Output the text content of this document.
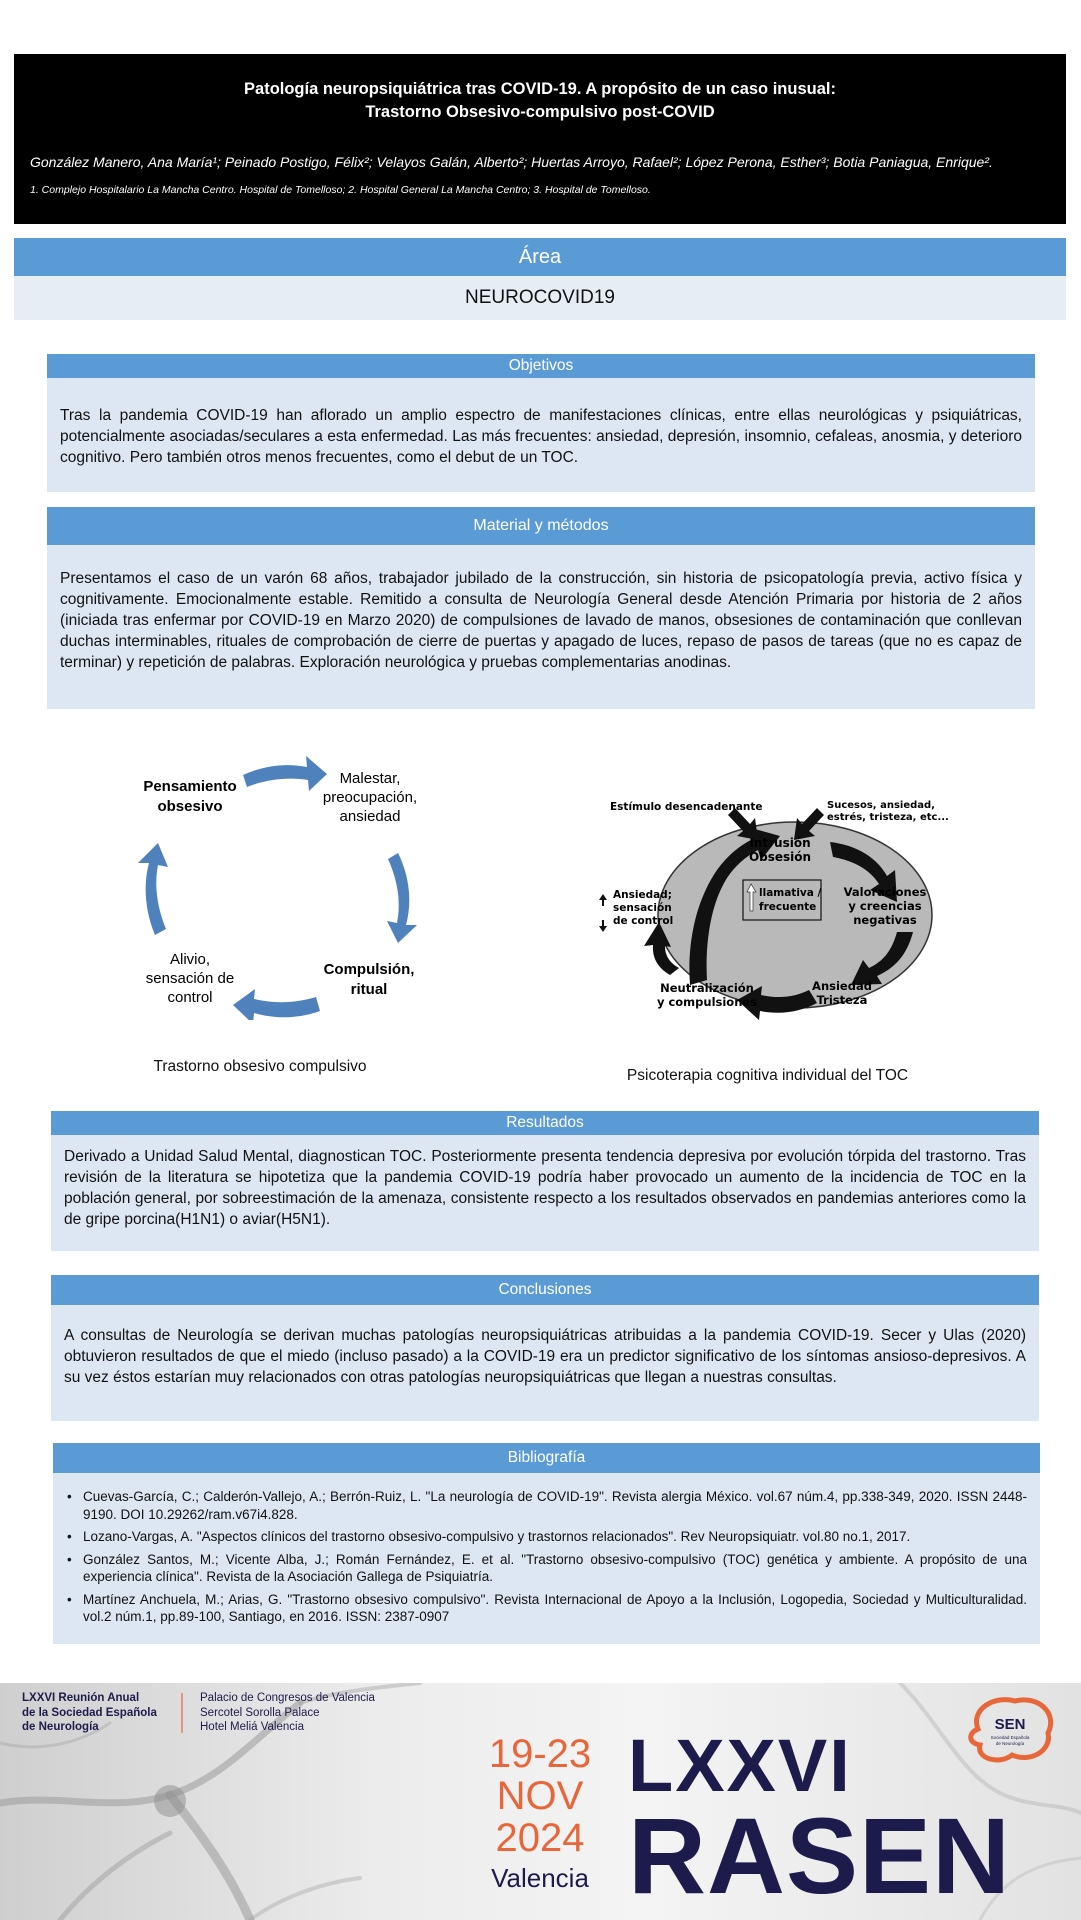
Patología neuropsiquiátrica tras COVID-19. A propósito de un caso inusual:
Trastorno Obsesivo-compulsivo post-COVID
González Manero, Ana María¹; Peinado Postigo, Félix²; Velayos Galán, Alberto²; Huertas Arroyo, Rafael²; López Perona, Esther³; Botia Paniagua, Enrique².
1. Complejo Hospitalario La Mancha Centro. Hospital de Tomelloso; 2. Hospital General La Mancha Centro; 3. Hospital de Tomelloso.
Área
NEUROCOVID19
Objetivos
Tras la pandemia COVID-19 han aflorado un amplio espectro de manifestaciones clínicas, entre ellas neurológicas y psiquiátricas, potencialmente asociadas/seculares a esta enfermedad. Las más frecuentes: ansiedad, depresión, insomnio, cefaleas, anosmia, y deterioro cognitivo. Pero también otros menos frecuentes, como el debut de un TOC.
Material y métodos
Presentamos el caso de un varón 68 años, trabajador jubilado de la construcción, sin historia de psicopatología previa, activo física y cognitivamente. Emocionalmente estable. Remitido a consulta de Neurología General desde Atención Primaria por historia de 2 años (iniciada tras enfermar por COVID-19 en Marzo 2020) de compulsiones de lavado de manos, obsesiones de contaminación que conllevan duchas interminables, rituales de comprobación de cierre de puertas y apagado de luces, repaso de pasos de tareas (que no es capaz de terminar) y repetición de palabras. Exploración neurológica y pruebas complementarias anodinas.
Pensamiento
obsesivo
Malestar,
preocupación,
ansiedad
Compulsión,
ritual
Alivio,
sensación de
control
Trastorno obsesivo compulsivo
Estímulo desencadenante	Sucesos, ansiedad,
estrés, tristeza, etc...
Intrusión
Obsesión
llamativa /
frecuente
Valoraciones
y creencias
negativas
Ansiedad
Tristeza
Neutralización
y compulsiones
Ansiedad;
sensación
de control
Psicoterapia cognitiva individual del TOC
Resultados
Derivado a Unidad Salud Mental, diagnostican TOC. Posteriormente presenta tendencia depresiva por evolución tórpida del trastorno. Tras revisión de la literatura se hipotetiza que la pandemia COVID-19 podría haber provocado un aumento de la incidencia de TOC en la población general, por sobreestimación de la amenaza, consistente respecto a los resultados observados en pandemias anteriores como la de gripe porcina(H1N1) o aviar(H5N1).
Conclusiones
A consultas de Neurología se derivan muchas patologías neuropsiquiátricas atribuidas a la pandemia COVID-19. Secer y Ulas (2020) obtuvieron resultados de que el miedo (incluso pasado) a la COVID-19 era un predictor significativo de los síntomas ansioso-depresivos. A su vez éstos estarían muy relacionados con otras patologías neuropsiquiátricas que llegan a nuestras consultas.
Bibliografía
• Cuevas-García, C.; Calderón-Vallejo, A.; Berrón-Ruiz, L. "La neurología de COVID-19". Revista alergia México. vol.67 núm.4, pp.338-349, 2020. ISSN 2448-9190. DOI 10.29262/ram.v67i4.828.
• Lozano-Vargas, A. "Aspectos clínicos del trastorno obsesivo-compulsivo y trastornos relacionados". Rev Neuropsiquiatr. vol.80 no.1, 2017.
• González Santos, M.; Vicente Alba, J.; Román Fernández, E. et al. "Trastorno obsesivo-compulsivo (TOC) genética y ambiente. A propósito de una experiencia clínica". Revista de la Asociación Gallega de Psiquiatría.
• Martínez Anchuela, M.; Arias, G. "Trastorno obsesivo compulsivo". Revista Internacional de Apoyo a la Inclusión, Logopedia, Sociedad y Multiculturalidad. vol.2 núm.1, pp.89-100, Santiago, en 2016. ISSN: 2387-0907
LXXVI Reunión Anual
de la Sociedad Española
de Neurología
Palacio de Congresos de Valencia
Sercotel Sorolla Palace
Hotel Meliá Valencia
19-23
NOV
2024
Valencia
LXXVI
RASEN
SEN
Sociedad Española
de Neurología
